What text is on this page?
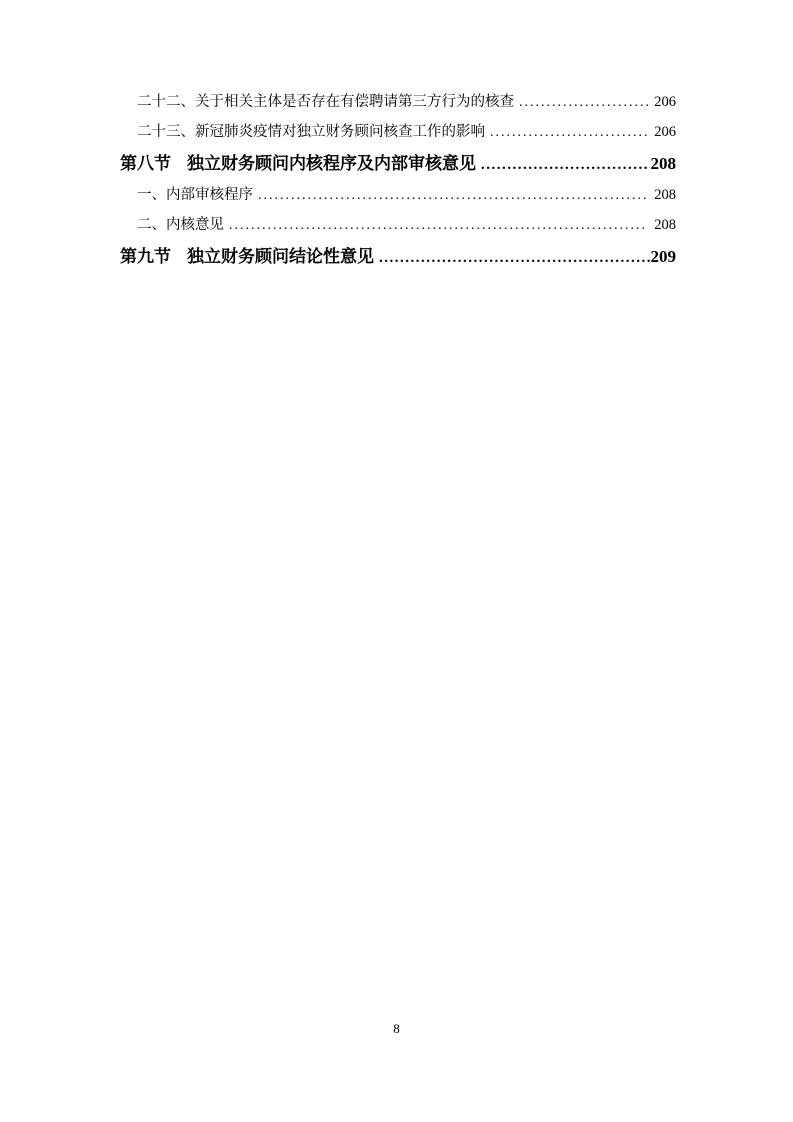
二十二、关于相关主体是否存在有偿聘请第三方行为的核查 .....	206
二十三、新冠肺炎疫情对独立财务顾问核查工作的影响 .....	206
第八节 独立财务顾问内核程序及内部审核意见 .....	208
一、内部审核程序 .....	208
二、内核意见 .....	208
第九节 独立财务顾问结论性意见 .....	209
8
